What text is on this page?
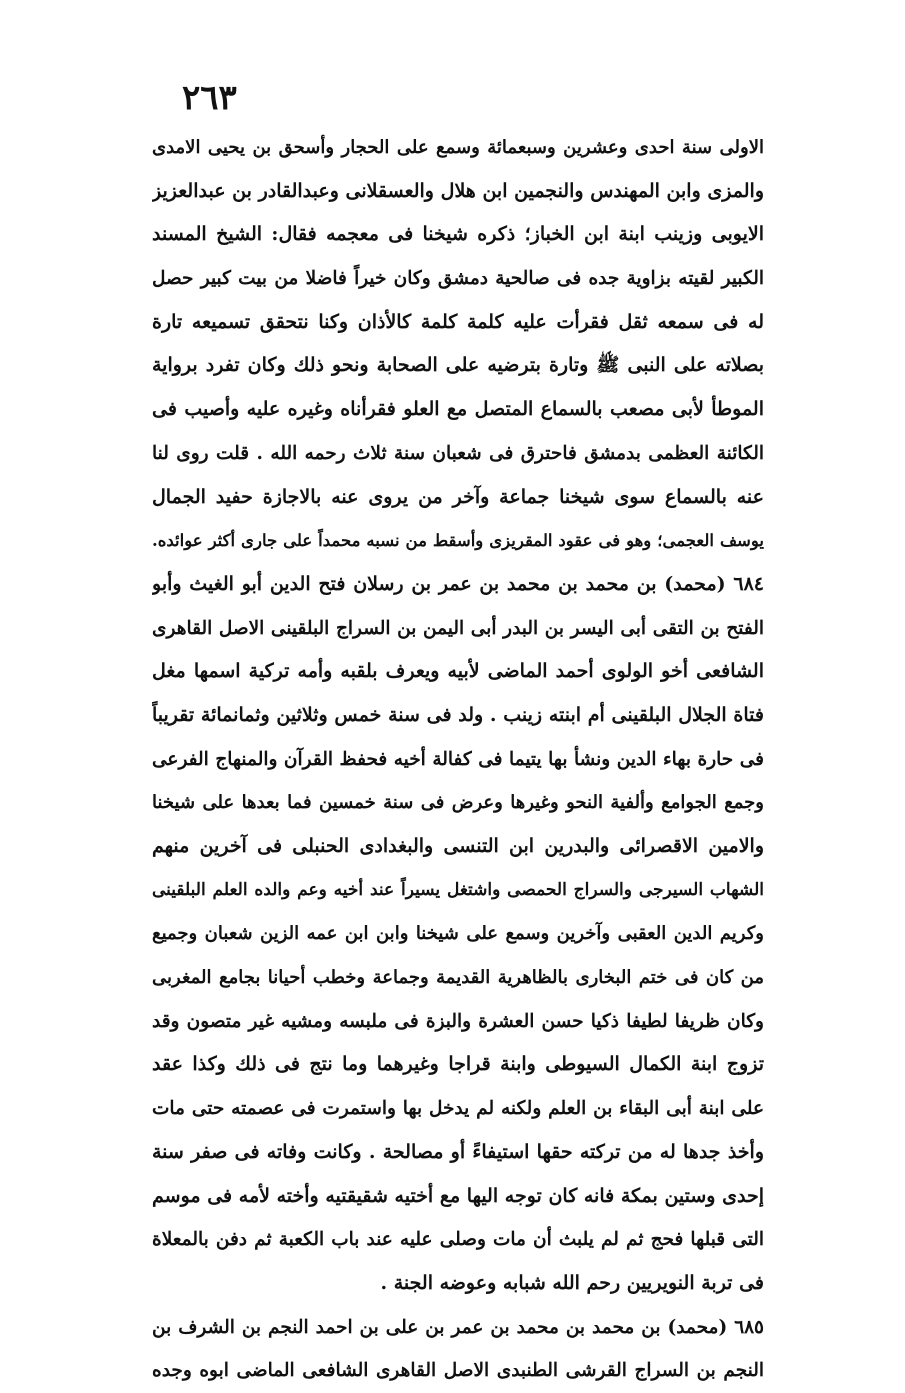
٢٦٣
الاولى سنة احدى وعشرين وسبعمائة وسمع على الحجار وأسحق بن يحيى الامدى
والمزى وابن المهندس والنجمين ابن هلال والعسقلانى وعبدالقادر بن عبدالعزيز
الايوبى وزينب ابنة ابن الخباز؛ ذكره شيخنا فى معجمه فقال: الشيخ المسند
الكبير لقيته بزاوية جده فى صالحية دمشق وكان خيراً فاضلا من بيت كبير حصل
له فى سمعه ثقل فقرأت عليه كلمة كلمة كالأذان وكنا نتحقق تسميعه تارة
بصلاته على النبى ﷺ وتارة بترضيه على الصحابة ونحو ذلك وكان تفرد برواية
الموطأ لأبى مصعب بالسماع المتصل مع العلو فقرأناه وغيره عليه وأصيب فى
الكائنة العظمى بدمشق فاحترق فى شعبان سنة ثلاث رحمه الله . قلت روى لنا
عنه بالسماع سوى شيخنا جماعة وآخر من يروى عنه بالاجازة حفيد الجمال
يوسف العجمى؛ وهو فى عقود المقريزى وأسقط من نسبه محمداً على جارى أكثر عوائده.
٦٨٤ (محمد) بن محمد بن محمد بن عمر بن رسلان فتح الدين أبو الغيث وأبو
الفتح بن التقى أبى اليسر بن البدر أبى اليمن بن السراج البلقينى الاصل القاهرى
الشافعى أخو الولوى أحمد الماضى لأبيه ويعرف بلقبه وأمه تركية اسمها مغل
فتاة الجلال البلقينى أم ابنته زينب . ولد فى سنة خمس وثلاثين وثمانمائة تقريباً
فى حارة بهاء الدين ونشأ بها يتيما فى كفالة أخيه فحفظ القرآن والمنهاج الفرعى
وجمع الجوامع وألفية النحو وغيرها وعرض فى سنة خمسين فما بعدها على شيخنا
والامين الاقصرائى والبدرين ابن التنسى والبغدادى الحنبلى فى آخرين منهم
الشهاب السيرجى والسراج الحمصى واشتغل يسيراً عند أخيه وعم والده العلم البلقينى
وكريم الدين العقبى وآخرين وسمع على شيخنا وابن ابن عمه الزين شعبان وجميع
من كان فى ختم البخارى بالظاهرية القديمة وجماعة وخطب أحيانا بجامع المغربى
وكان ظريفا لطيفا ذكيا حسن العشرة والبزة فى ملبسه ومشيه غير متصون وقد
تزوج ابنة الكمال السيوطى وابنة قراجا وغيرهما وما نتج فى ذلك وكذا عقد
على ابنة أبى البقاء بن العلم ولكنه لم يدخل بها واستمرت فى عصمته حتى مات
وأخذ جدها له من تركته حقها استيفاءً أو مصالحة . وكانت وفاته فى صفر سنة
إحدى وستين بمكة فانه كان توجه اليها مع أختيه شقيقتيه وأخته لأمه فى موسم
التى قبلها فحج ثم لم يلبث أن مات وصلى عليه عند باب الكعبة ثم دفن بالمعلاة
فى تربة النويريين رحم الله شبابه وعوضه الجنة .
٦٨٥ (محمد) بن محمد بن محمد بن عمر بن على بن احمد النجم بن الشرف بن
النجم بن السراج القرشى الطنبدى الاصل القاهرى الشافعى الماضى ابوه وجده
